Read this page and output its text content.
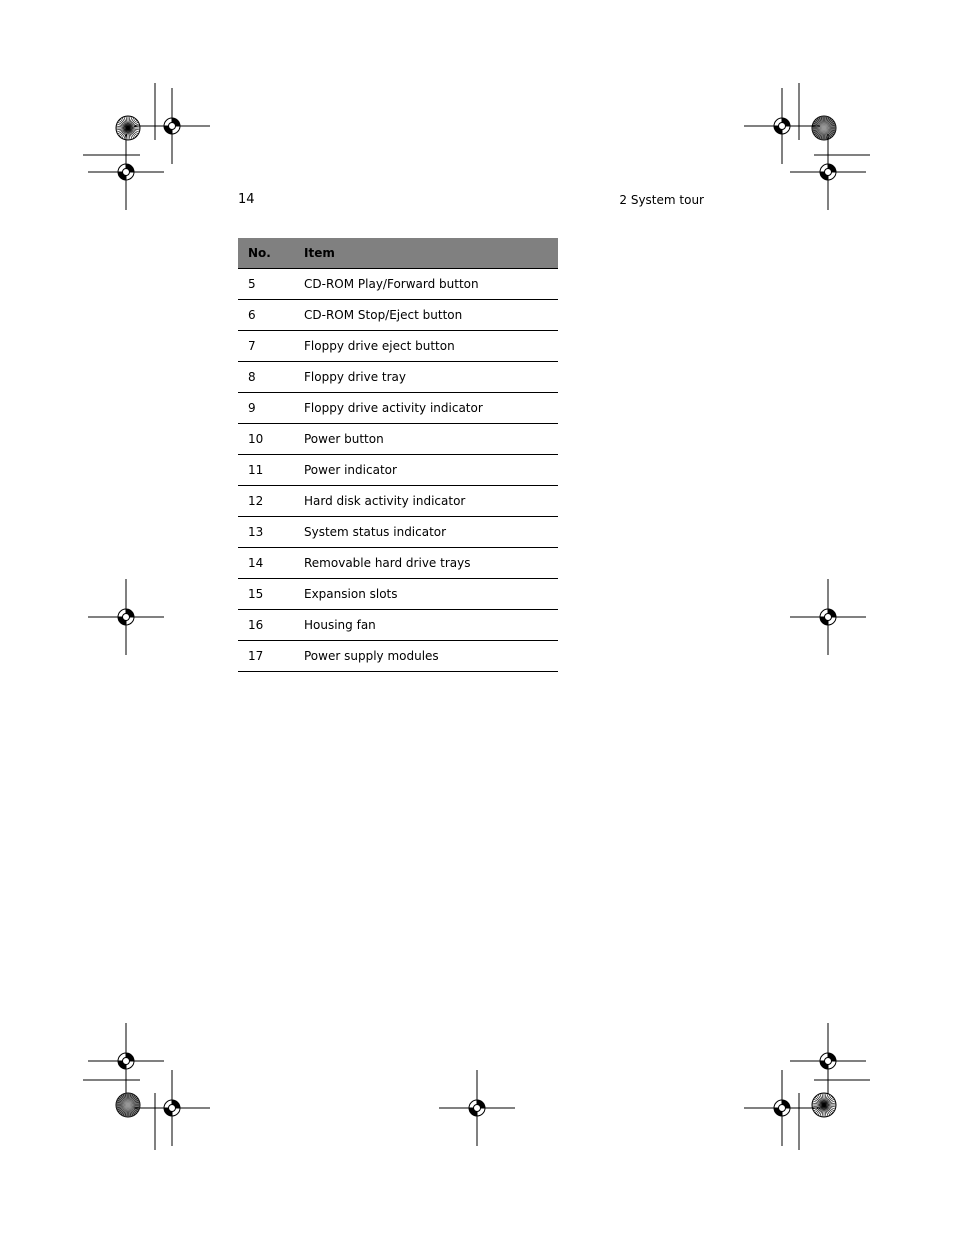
14	2 System tour
No.	Item
5	CD-ROM Play/Forward button
6	CD-ROM Stop/Eject button
7	Floppy drive eject button
8	Floppy drive tray
9	Floppy drive activity indicator
10	Power button
11	Power indicator
12	Hard disk activity indicator
13	System status indicator
14	Removable hard drive trays
15	Expansion slots
16	Housing fan
17	Power supply modules
